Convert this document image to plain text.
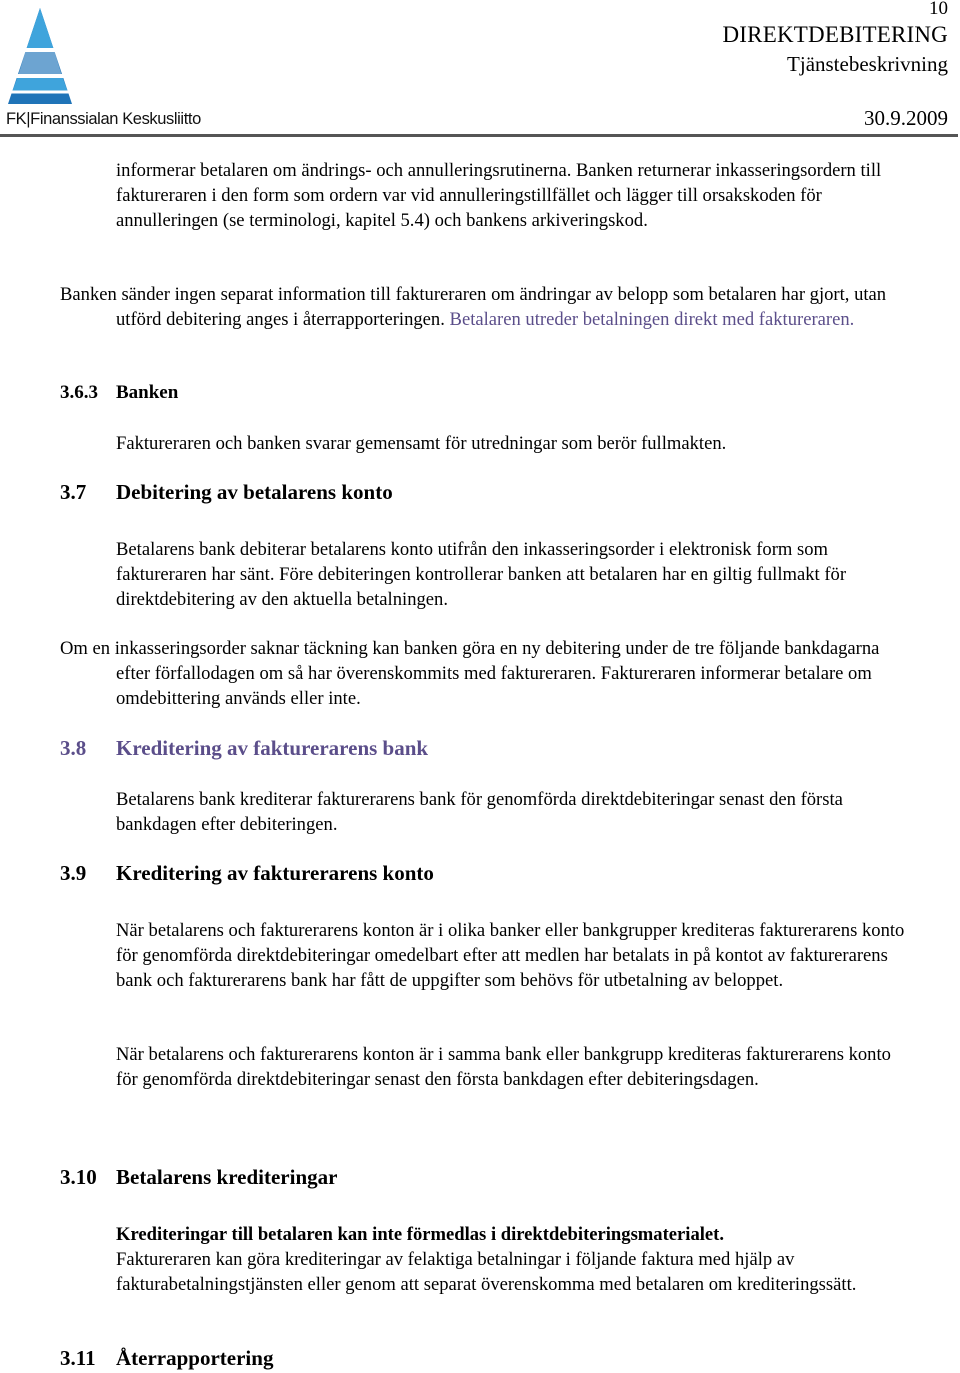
FK|Finanssialan Keskusliitto
10
DIREKTDEBITERING
Tjänstebeskrivning
30.9.2009
informerar betalaren om ändrings- och annulleringsrutinerna. Banken returnerar inkasseringsordern till faktureraren i den form som ordern var vid annulleringstillfället och lägger till orsakskoden för annulleringen (se terminologi, kapitel 5.4) och bankens arkiveringskod.
Banken sänder ingen separat information till faktureraren om ändringar av belopp som betalaren har gjort, utan utförd debitering anges i återrapporteringen. Betalaren utreder betalningen direkt med faktureraren.
3.6.3 Banken
Faktureraren och banken svarar gemensamt för utredningar som berör fullmakten.
3.7 Debitering av betalarens konto
Betalarens bank debiterar betalarens konto utifrån den inkasseringsorder i elektronisk form som faktureraren har sänt. Före debiteringen kontrollerar banken att betalaren har en giltig fullmakt för direktdebitering av den aktuella betalningen.
Om en inkasseringsorder saknar täckning kan banken göra en ny debitering under de tre följande bankdagarna efter förfallodagen om så har överenskommits med faktureraren. Faktureraren informerar betalare om omdebittering används eller inte.
3.8 Kreditering av fakturerarens bank
Betalarens bank krediterar fakturerarens bank för genomförda direktdebiteringar senast den första bankdagen efter debiteringen.
3.9 Kreditering av fakturerarens konto
När betalarens och fakturerarens konton är i olika banker eller bankgrupper krediteras fakturerarens konto för genomförda direktdebiteringar omedelbart efter att medlen har betalats in på kontot av fakturerarens bank och fakturerarens bank har fått de uppgifter som behövs för utbetalning av beloppet.
När betalarens och fakturerarens konton är i samma bank eller bankgrupp krediteras fakturerarens konto för genomförda direktdebiteringar senast den första bankdagen efter debiteringsdagen.
3.10 Betalarens krediteringar
Krediteringar till betalaren kan inte förmedlas i direktdebiteringsmaterialet.
Faktureraren kan göra krediteringar av felaktiga betalningar i följande faktura med hjälp av fakturabetalningstjänsten eller genom att separat överenskomma med betalaren om krediteringssätt.
3.11 Återrapportering
